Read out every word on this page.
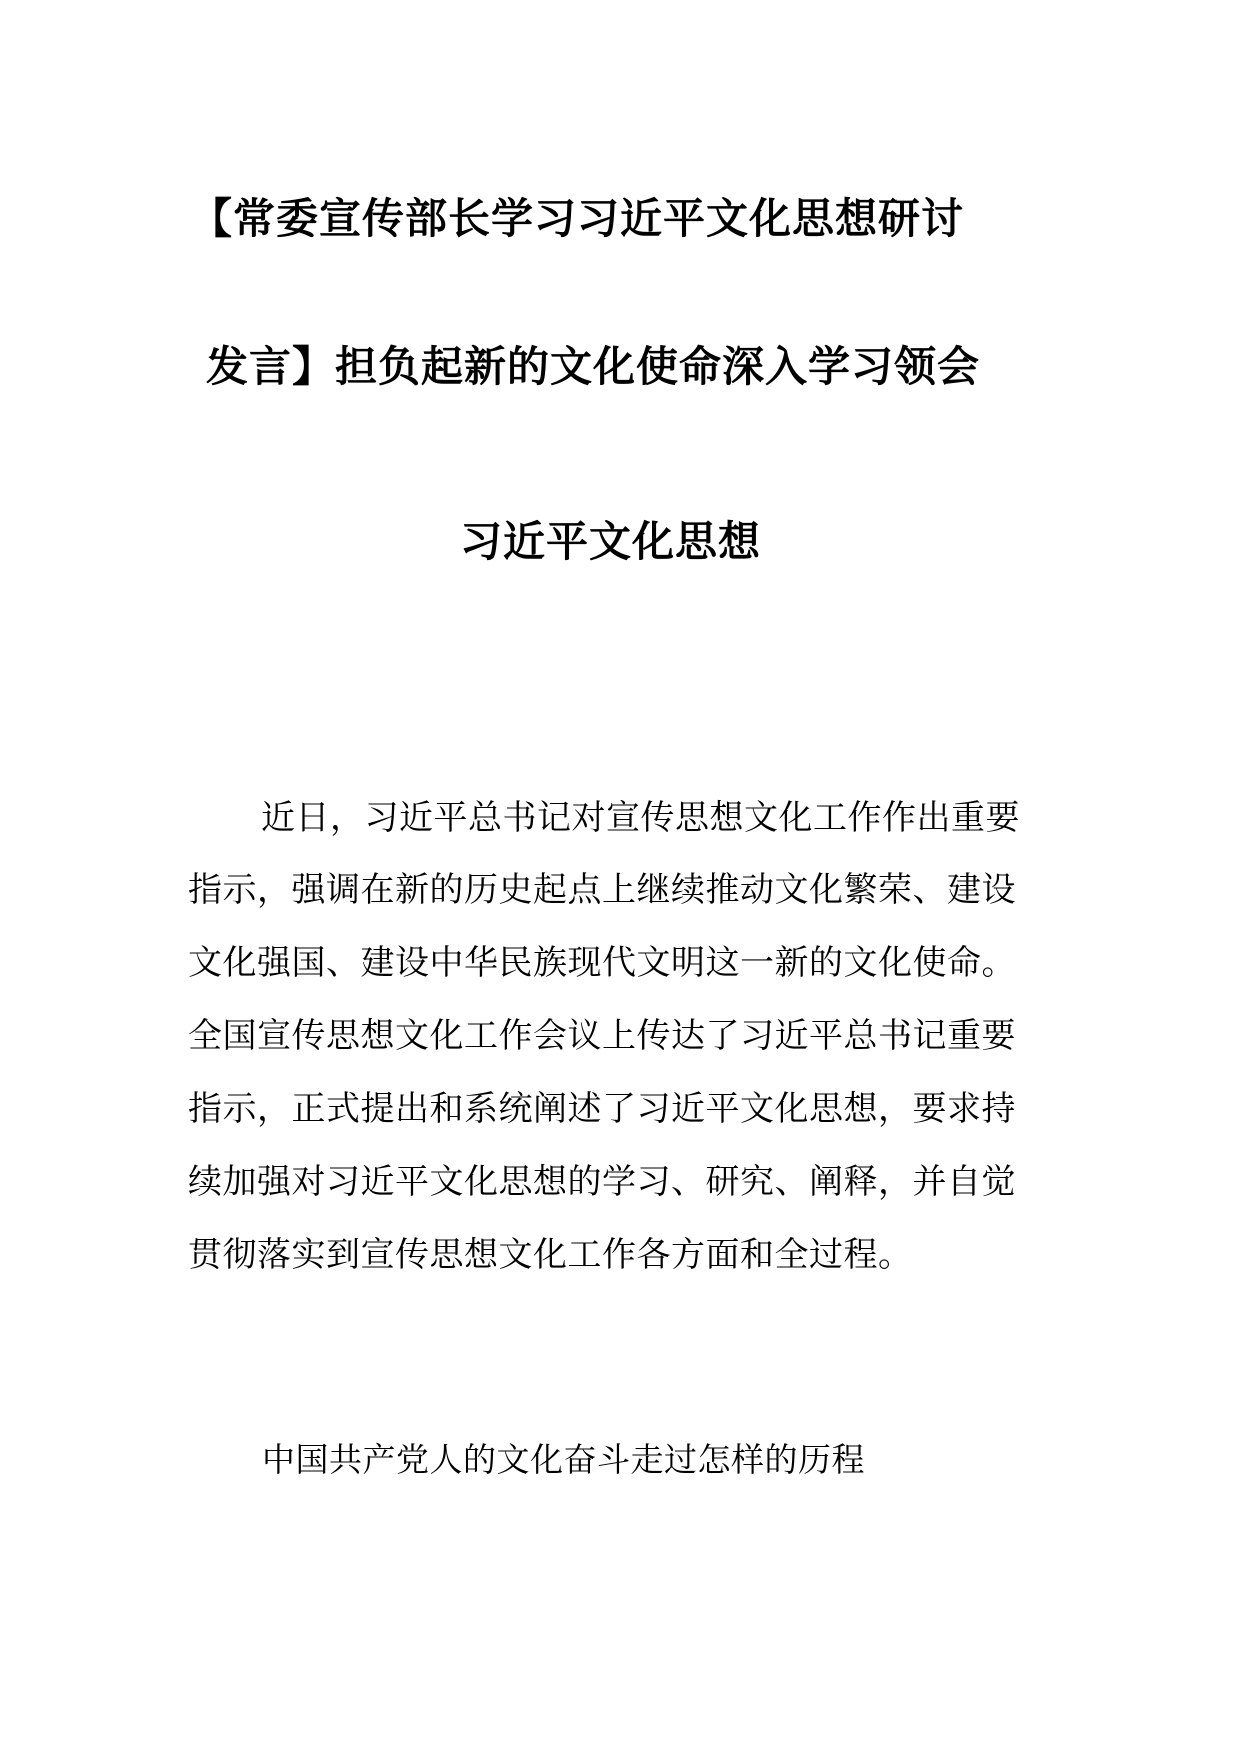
【常委宣传部长学习习近平文化思想研讨
发言】担负起新的文化使命深入学习领会
习近平文化思想
近日，习近平总书记对宣传思想文化工作作出重要
指示，强调在新的历史起点上继续推动文化繁荣、建设
文化强国、建设中华民族现代文明这一新的文化使命。
全国宣传思想文化工作会议上传达了习近平总书记重要
指示，正式提出和系统阐述了习近平文化思想，要求持
续加强对习近平文化思想的学习、研究、阐释，并自觉
贯彻落实到宣传思想文化工作各方面和全过程。
中国共产党人的文化奋斗走过怎样的历程
